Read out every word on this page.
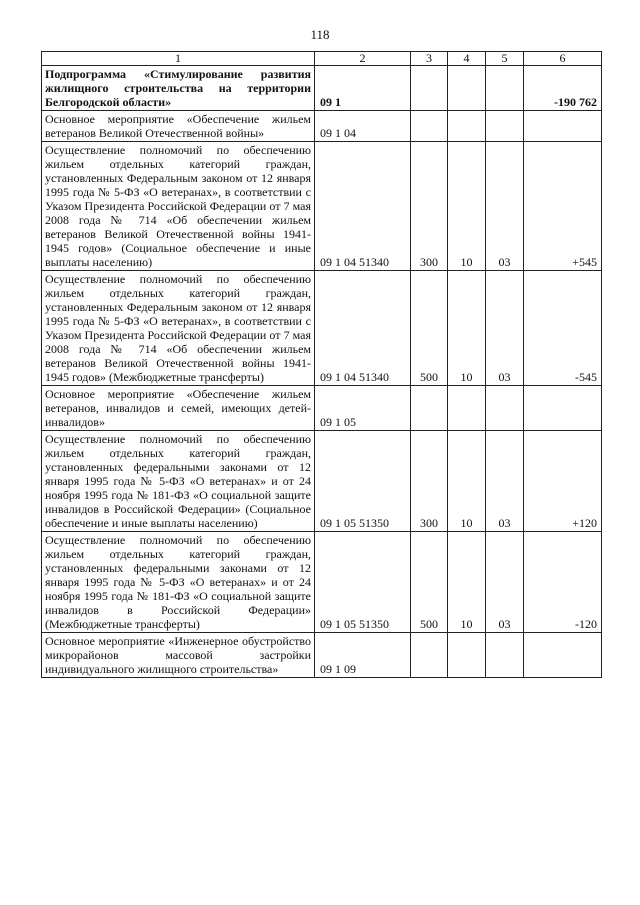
118
1	2	3	4	5	6
Подпрограмма «Стимулирование развития жилищного строительства на территории Белгородской области»	09 1				-190 762
Основное мероприятие «Обеспечение жильем ветеранов Великой Отечественной войны»	09 1 04				
Осуществление полномочий по обеспечению жильем отдельных категорий граждан, установленных Федеральным законом от 12 января 1995 года № 5-ФЗ «О ветеранах», в соответствии с Указом Президента Российской Федерации от 7 мая 2008 года № 714 «Об обеспечении жильем ветеранов Великой Отечественной войны 1941-1945 годов» (Социальное обеспечение и иные выплаты населению)	09 1 04 51340	300	10	03	+545
Осуществление полномочий по обеспечению жильем отдельных категорий граждан, установленных Федеральным законом от 12 января 1995 года № 5-ФЗ «О ветеранах», в соответствии с Указом Президента Российской Федерации от 7 мая 2008 года № 714 «Об обеспечении жильем ветеранов Великой Отечественной войны 1941-1945 годов» (Межбюджетные трансферты)	09 1 04 51340	500	10	03	-545
Основное мероприятие «Обеспечение жильем ветеранов, инвалидов и семей, имеющих детей-инвалидов»	09 1 05				
Осуществление полномочий по обеспечению жильем отдельных категорий граждан, установленных федеральными законами от 12 января 1995 года № 5-ФЗ «О ветеранах» и от 24 ноября 1995 года № 181-ФЗ «О социальной защите инвалидов в Российской Федерации» (Социальное обеспечение и иные выплаты населению)	09 1 05 51350	300	10	03	+120
Осуществление полномочий по обеспечению жильем отдельных категорий граждан, установленных федеральными законами от 12 января 1995 года № 5-ФЗ «О ветеранах» и от 24 ноября 1995 года № 181-ФЗ «О социальной защите инвалидов в Российской Федерации» (Межбюджетные трансферты)	09 1 05 51350	500	10	03	-120
Основное мероприятие «Инженерное обустройство микрорайонов массовой застройки индивидуального жилищного строительства»	09 1 09				
